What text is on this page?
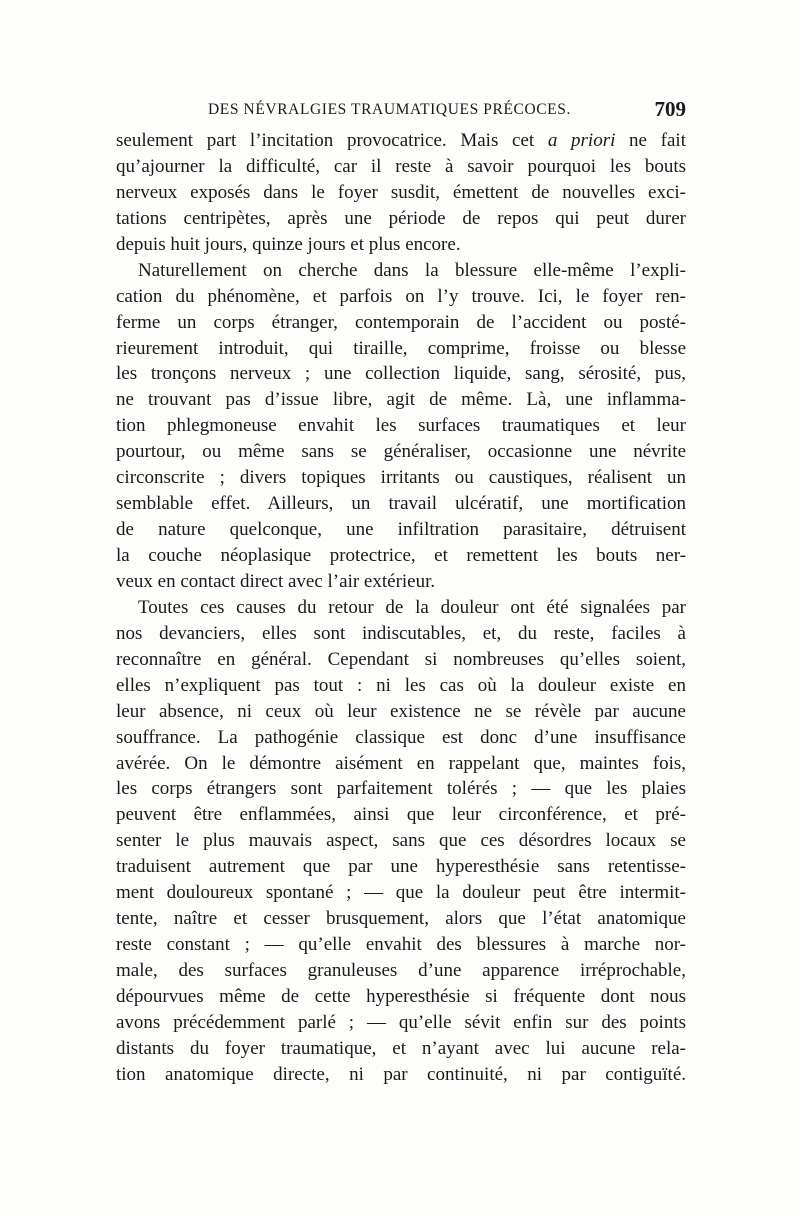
DES NÉVRALGIES TRAUMATIQUES PRÉCOCES.	709
seulement part l’incitation provocatrice. Mais cet a priori ne fait
qu’ajourner la difficulté, car il reste à savoir pourquoi les bouts
nerveux exposés dans le foyer susdit, émettent de nouvelles exci-
tations centripètes, après une période de repos qui peut durer
depuis huit jours, quinze jours et plus encore.
Naturellement on cherche dans la blessure elle-même l’expli-
cation du phénomène, et parfois on l’y trouve. Ici, le foyer ren-
ferme un corps étranger, contemporain de l’accident ou posté-
rieurement introduit, qui tiraille, comprime, froisse ou blesse
les tronçons nerveux ; une collection liquide, sang, sérosité, pus,
ne trouvant pas d’issue libre, agit de même. Là, une inflamma-
tion phlegmoneuse envahit les surfaces traumatiques et leur
pourtour, ou même sans se généraliser, occasionne une névrite
circonscrite ; divers topiques irritants ou caustiques, réalisent un
semblable effet. Ailleurs, un travail ulcératif, une mortification
de nature quelconque, une infiltration parasitaire, détruisent
la couche néoplasique protectrice, et remettent les bouts ner-
veux en contact direct avec l’air extérieur.
Toutes ces causes du retour de la douleur ont été signalées par
nos devanciers, elles sont indiscutables, et, du reste, faciles à
reconnaître en général. Cependant si nombreuses qu’elles soient,
elles n’expliquent pas tout : ni les cas où la douleur existe en
leur absence, ni ceux où leur existence ne se révèle par aucune
souffrance. La pathogénie classique est donc d’une insuffisance
avérée. On le démontre aisément en rappelant que, maintes fois,
les corps étrangers sont parfaitement tolérés ; — que les plaies
peuvent être enflammées, ainsi que leur circonférence, et pré-
senter le plus mauvais aspect, sans que ces désordres locaux se
traduisent autrement que par une hyperesthésie sans retentisse-
ment douloureux spontané ; — que la douleur peut être intermit-
tente, naître et cesser brusquement, alors que l’état anatomique
reste constant ; — qu’elle envahit des blessures à marche nor-
male, des surfaces granuleuses d’une apparence irréprochable,
dépourvues même de cette hyperesthésie si fréquente dont nous
avons précédemment parlé ; — qu’elle sévit enfin sur des points
distants du foyer traumatique, et n’ayant avec lui aucune rela-
tion anatomique directe, ni par continuité, ni par contiguïté.
